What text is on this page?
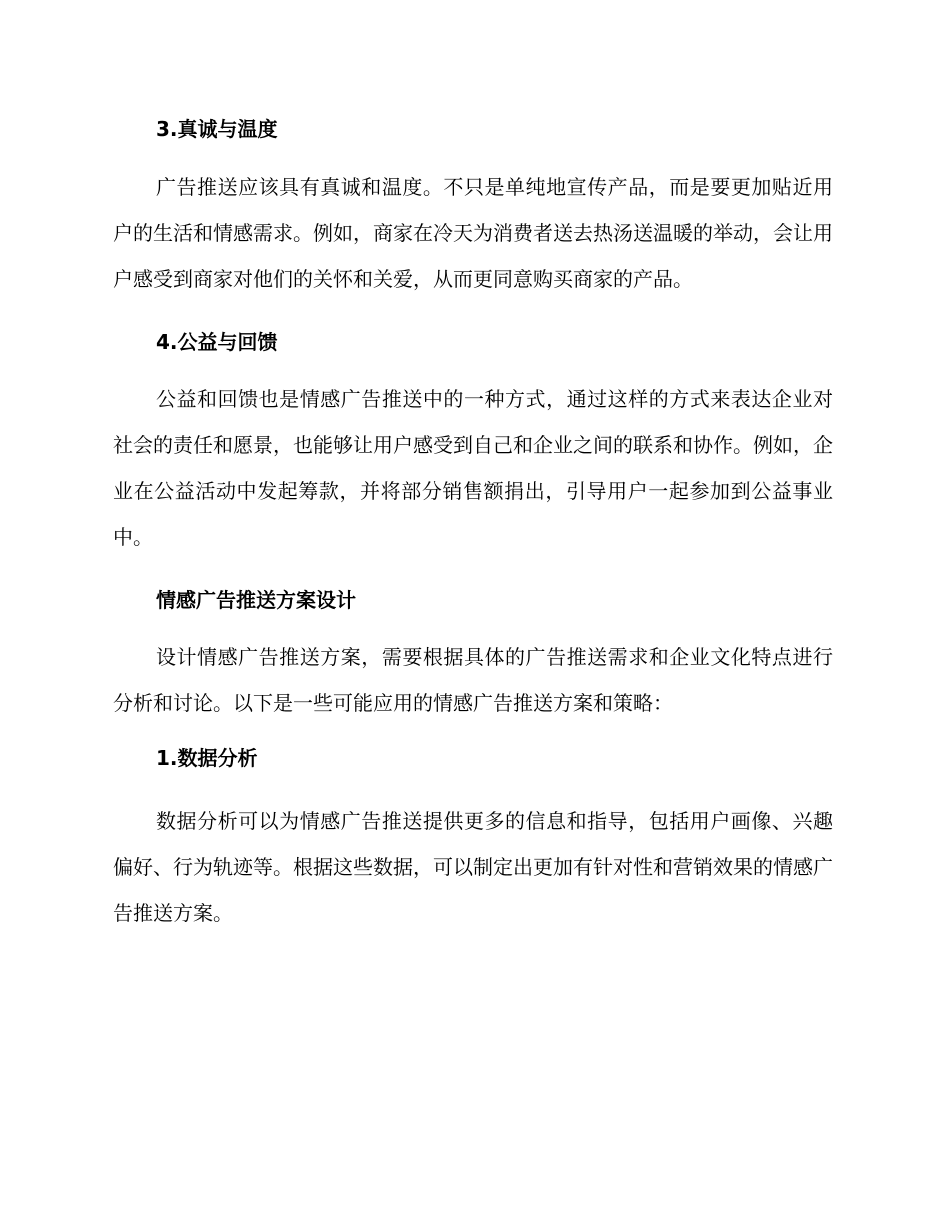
3.真诚与温度

广告推送应该具有真诚和温度。不只是单纯地宣传产品，而是要更加贴近用户的生活和情感需求。例如，商家在冷天为消费者送去热汤送温暖的举动，会让用户感受到商家对他们的关怀和关爱，从而更同意购买商家的产品。

4.公益与回馈

公益和回馈也是情感广告推送中的一种方式，通过这样的方式来表达企业对社会的责任和愿景，也能够让用户感受到自己和企业之间的联系和协作。例如，企业在公益活动中发起筹款，并将部分销售额捐出，引导用户一起参加到公益事业中。

情感广告推送方案设计

设计情感广告推送方案，需要根据具体的广告推送需求和企业文化特点进行分析和讨论。以下是一些可能应用的情感广告推送方案和策略：

1.数据分析

数据分析可以为情感广告推送提供更多的信息和指导，包括用户画像、兴趣偏好、行为轨迹等。根据这些数据，可以制定出更加有针对性和营销效果的情感广告推送方案。
